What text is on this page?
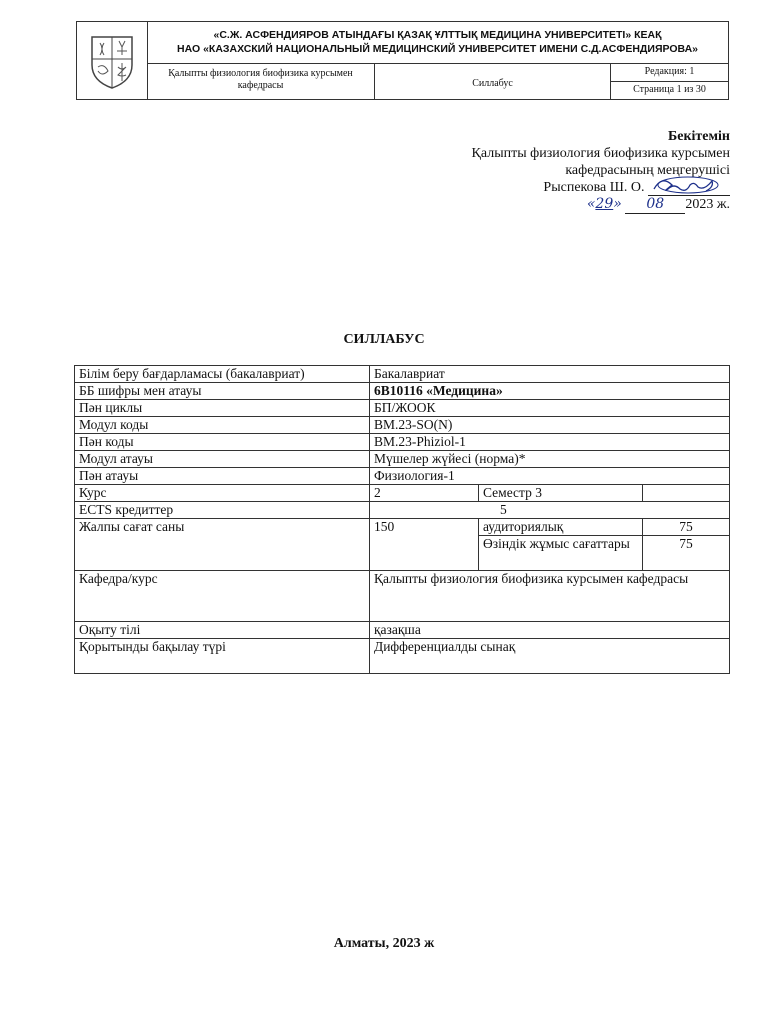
«С.Ж. АСФЕНДИЯРОВ АТЫНДАҒЫ ҚАЗАҚ ҰЛТТЫҚ МЕДИЦИНА УНИВЕРСИТЕТІ» КЕАҚ
НАО «КАЗАХСКИЙ НАЦИОНАЛЬНЫЙ МЕДИЦИНСКИЙ УНИВЕРСИТЕТ ИМЕНИ С.Д.АСФЕНДИЯРОВА»
Қалыпты физиология биофизика курсымен кафедрасы	Силлабус
Редакция: 1
Страница 1 из 30
Бекітемін
Қалыпты физиология биофизика курсымен
кафедрасының меңгерушісі
Рыспекова Ш. О.
«29» 08 2023 ж.
СИЛЛАБУС
Білім беру бағдарламасы (бакалавриат)	Бакалавриат		
ББ шифры мен атауы	6В10116 «Медицина»		
Пән циклы	БП/ЖООК		
Модул коды	BM.23-SO(N)		
Пән коды	BM.23-Phiziol-1		
Модул атауы	Мүшелер жүйесі (норма)*		
Пән атауы	Физиология-1		
Курс	2	Семестр 3	
ECTS кредиттер	5		
Жалпы сағат саны	150	аудиториялық	75
		Өзіндік жұмыс сағаттары	75
Кафедра/курс	Қалыпты физиология биофизика курсымен кафедрасы		
Оқыту тілі	қазақша		
Қорытынды бақылау түрі	Дифференциалды сынақ		
Алматы, 2023 ж
